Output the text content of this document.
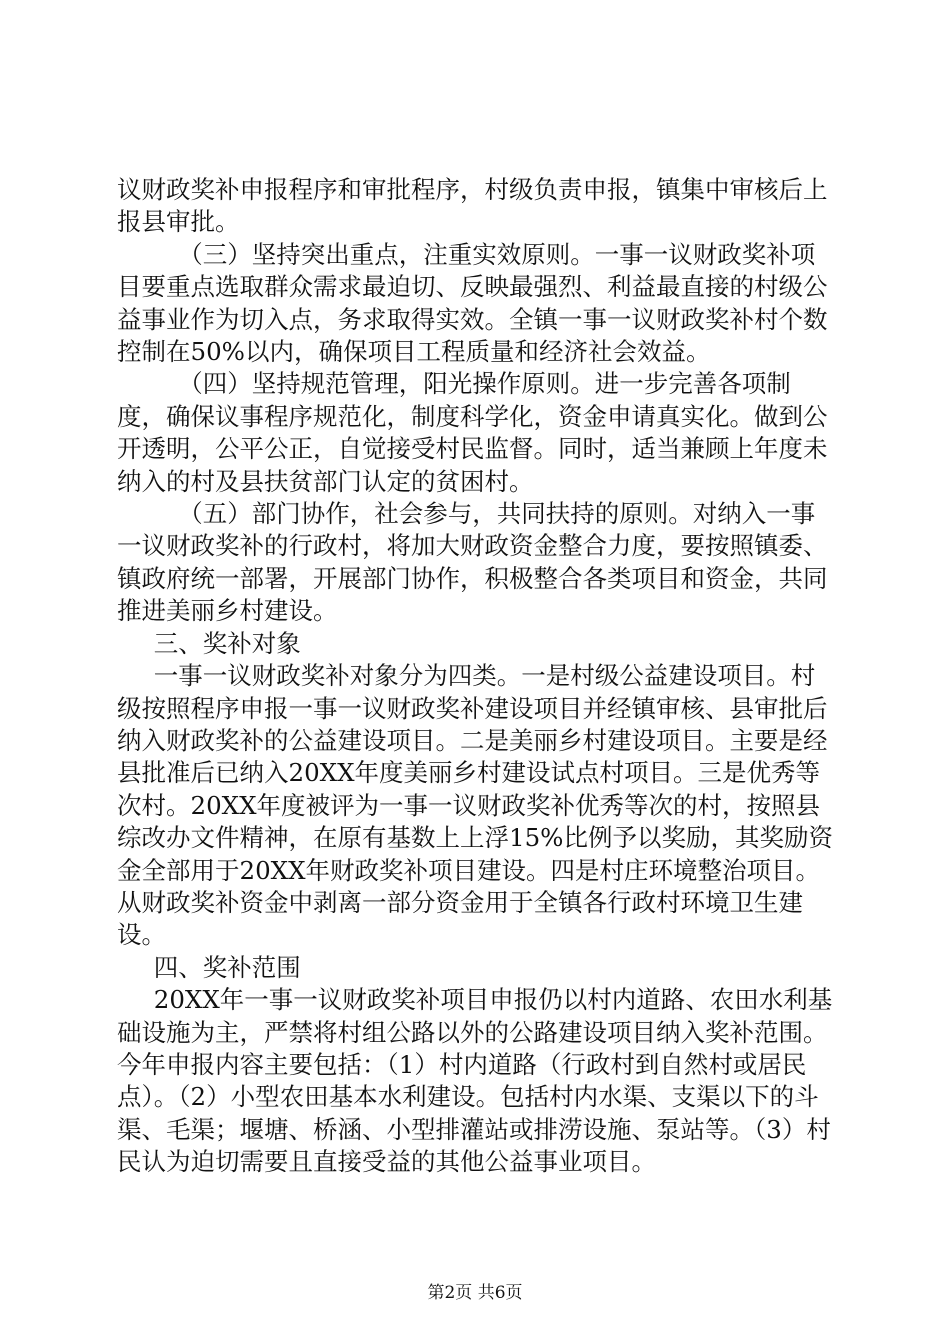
议财政奖补申报程序和审批程序，村级负责申报，镇集中审核后上报县审批。

（三）坚持突出重点，注重实效原则。一事一议财政奖补项目要重点选取群众需求最迫切、反映最强烈、利益最直接的村级公益事业作为切入点，务求取得实效。全镇一事一议财政奖补村个数控制在50%以内，确保项目工程质量和经济社会效益。

（四）坚持规范管理，阳光操作原则。进一步完善各项制度，确保议事程序规范化，制度科学化，资金申请真实化。做到公开透明，公平公正，自觉接受村民监督。同时，适当兼顾上年度未纳入的村及县扶贫部门认定的贫困村。

（五）部门协作，社会参与，共同扶持的原则。对纳入一事一议财政奖补的行政村，将加大财政资金整合力度，要按照镇委、镇政府统一部署，开展部门协作，积极整合各类项目和资金，共同推进美丽乡村建设。

三、奖补对象

一事一议财政奖补对象分为四类。一是村级公益建设项目。村级按照程序申报一事一议财政奖补建设项目并经镇审核、县审批后纳入财政奖补的公益建设项目。二是美丽乡村建设项目。主要是经县批准后已纳入20XX年度美丽乡村建设试点村项目。三是优秀等次村。20XX年度被评为一事一议财政奖补优秀等次的村，按照县综改办文件精神，在原有基数上上浮15%比例予以奖励，其奖励资金全部用于20XX年财政奖补项目建设。四是村庄环境整治项目。从财政奖补资金中剥离一部分资金用于全镇各行政村环境卫生建设。

四、奖补范围

20XX年一事一议财政奖补项目申报仍以村内道路、农田水利基础设施为主，严禁将村组公路以外的公路建设项目纳入奖补范围。今年申报内容主要包括：（1）村内道路（行政村到自然村或居民点）。（2）小型农田基本水利建设。包括村内水渠、支渠以下的斗渠、毛渠；堰塘、桥涵、小型排灌站或排涝设施、泵站等。（3）村民认为迫切需要且直接受益的其他公益事业项目。

第2页 共6页
